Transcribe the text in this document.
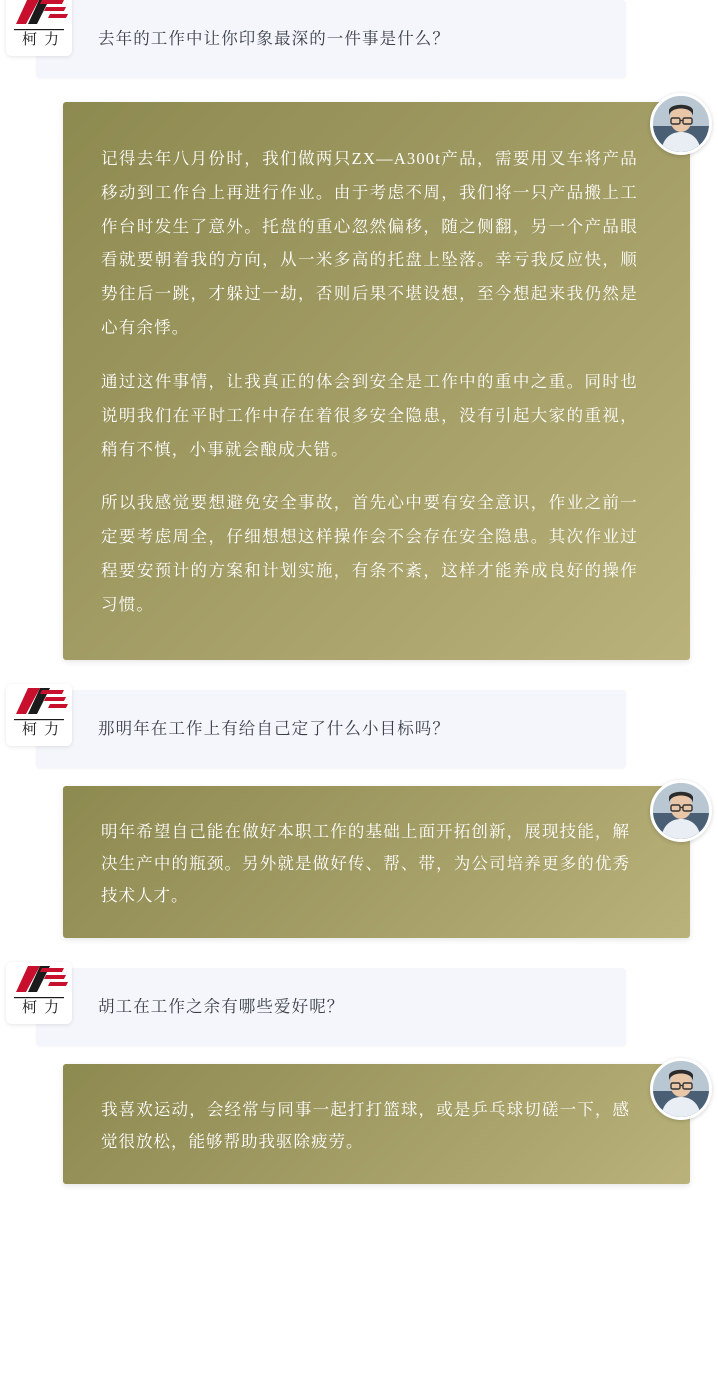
去年的工作中让你印象最深的一件事是什么？
柯 力

记得去年八月份时，我们做两只ZX—A300t产品，需要用叉车将产品移动到工作台上再进行作业。由于考虑不周，我们将一只产品搬上工作台时发生了意外。托盘的重心忽然偏移，随之侧翻，另一个产品眼看就要朝着我的方向，从一米多高的托盘上坠落。幸亏我反应快，顺势往后一跳，才躲过一劫，否则后果不堪设想，至今想起来我仍然是心有余悸。

通过这件事情，让我真正的体会到安全是工作中的重中之重。同时也说明我们在平时工作中存在着很多安全隐患，没有引起大家的重视，稍有不慎，小事就会酿成大错。

所以我感觉要想避免安全事故，首先心中要有安全意识，作业之前一定要考虑周全，仔细想想这样操作会不会存在安全隐患。其次作业过程要安预计的方案和计划实施，有条不紊，这样才能养成良好的操作习惯。

那明年在工作上有给自己定了什么小目标吗？
柯 力

明年希望自己能在做好本职工作的基础上面开拓创新，展现技能，解决生产中的瓶颈。另外就是做好传、帮、带，为公司培养更多的优秀技术人才。

胡工在工作之余有哪些爱好呢？
柯 力

我喜欢运动，会经常与同事一起打打篮球，或是乒乓球切磋一下，感觉很放松，能够帮助我驱除疲劳。
